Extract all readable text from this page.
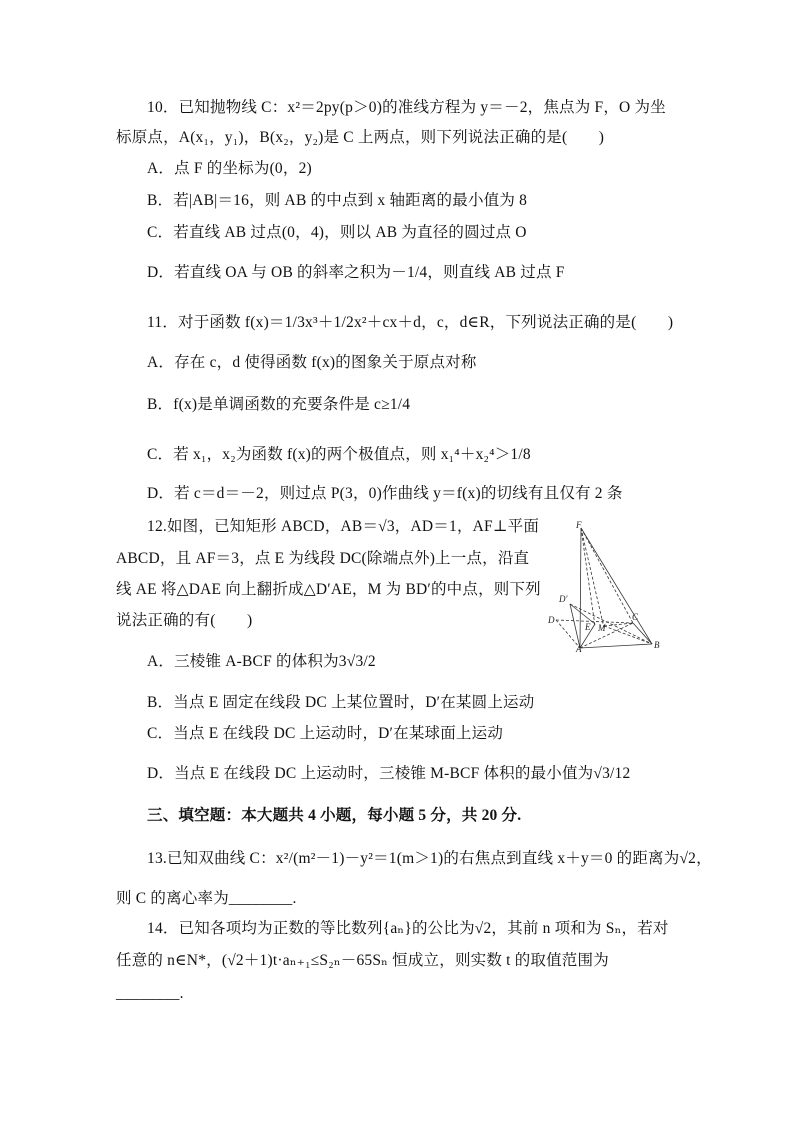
10．已知抛物线 C：x²＝2py(p＞0)的准线方程为 y＝－2，焦点为 F，O 为坐
标原点，A(x₁，y₁)，B(x₂，y₂)是 C 上两点，则下列说法正确的是(　　)
A．点 F 的坐标为(0，2)
B．若|AB|＝16，则 AB 的中点到 x 轴距离的最小值为 8
C．若直线 AB 过点(0，4)，则以 AB 为直径的圆过点 O
D．若直线 OA 与 OB 的斜率之积为－1/4，则直线 AB 过点 F
11．对于函数 f(x)＝1/3x³＋1/2x²＋cx＋d，c，d∈R，下列说法正确的是(　　)
A．存在 c，d 使得函数 f(x)的图象关于原点对称
B．f(x)是单调函数的充要条件是 c≥1/4
C．若 x₁，x₂为函数 f(x)的两个极值点，则 x₁⁴＋x₂⁴＞1/8
D．若 c＝d＝－2，则过点 P(3，0)作曲线 y＝f(x)的切线有且仅有 2 条
12.如图，已知矩形 ABCD，AB＝√3，AD＝1，AF⊥平面
ABCD，且 AF＝3，点 E 为线段 DC(除端点外)上一点，沿直
线 AE 将△DAE 向上翻折成△D′AE，M 为 BD′的中点，则下列
说法正确的有(　　)
A．三棱锥 A-BCF 的体积为3√3/2
B．当点 E 固定在线段 DC 上某位置时，D′在某圆上运动
C．当点 E 在线段 DC 上运动时，D′在某球面上运动
D．当点 E 在线段 DC 上运动时，三棱锥 M-BCF 体积的最小值为√3/12
F
D′
D
E M
C
A	B
三、填空题：本大题共 4 小题，每小题 5 分，共 20 分.
13.已知双曲线 C：x²/(m²－1)－y²＝1(m＞1)的右焦点到直线 x＋y＝0 的距离为√2，
则 C 的离心率为________.
14．已知各项均为正数的等比数列{aₙ}的公比为√2，其前 n 项和为 Sₙ，若对
任意的 n∈N*，(√2＋1)t·aₙ₊₁≤S₂ₙ－65Sₙ 恒成立，则实数 t 的取值范围为
________.
